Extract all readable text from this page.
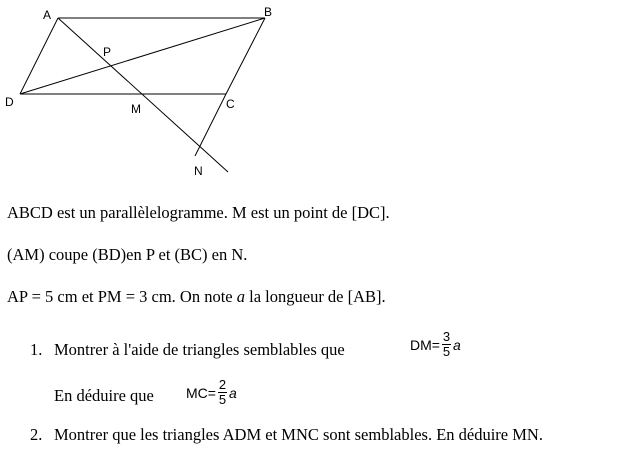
A	B
C
D
P
M
N
ABCD est un parallèlelogramme. M est un point de [DC].
(AM) coupe (BD)en P et (BC) en N.
AP = 5 cm et PM = 3 cm. On note a la longueur de [AB].
1. Montrer à l'aide de triangles semblables que	DM = $\frac{3}{5}$ a
En déduire que MC = $\frac{2}{5}$ a
2. Montrer que les triangles ADM et MNC sont semblables. En déduire MN.
